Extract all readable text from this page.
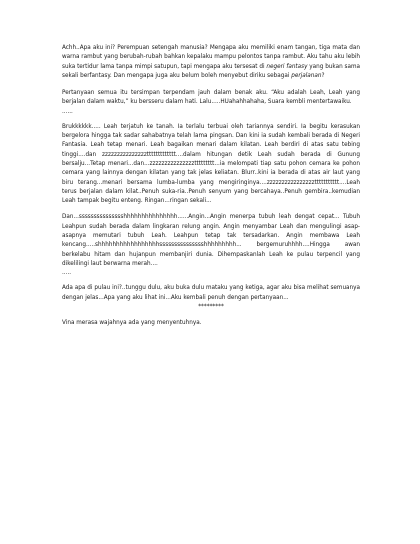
Achh..Apa aku ini? Perempuan setengah manusia? Mengapa aku memiliki enam tangan, tiga mata dan warna rambut yang berubah-rubah bahkan kepalaku mampu pelontos tanpa rambut. Aku tahu aku lebih suka tertidur lama tanpa mimpi satupun, tapi mengapa aku tersesat di negeri fantasy yang bukan sama sekali berfantasy. Dan mengapa juga aku belum boleh menyebut diriku sebagai perjalanan?

Pertanyaan semua itu tersimpan terpendam jauh dalam benak aku. “Aku adalah Leah, Leah yang berjalan dalam waktu,” ku bersseru dalam hati. Lalu.....HUahahhahaha, Suara kembli mentertawaiku.

......

Brukkkkkk..... Leah terjatuh ke tanah. Ia terlalu terbuai oleh tariannya sendiri. Ia begitu kerasukan bergelora hingga tak sadar sahabatnya telah lama pingsan. Dan kini ia sudah kembali berada di Negeri Fantasia. Leah tetap menari. Leah bagaikan menari dalam kilatan. Leah berdiri di atas satu tebing tinggi....dan zzzzzzzzzzzzzzzttttttttttttt....dalam hitungan detik Leah sudah berada di Gunung bersalju...Tetap menari...dan...zzzzzzzzzzzzzzzttttttttt...ia melompati tiap satu pohon cemara ke pohon cemara yang lainnya dengan kilatan yang tak jelas keliatan. Blurr..kini ia berada di atas air laut yang biru terang...menari bersama lumba-lumba yang mengiringinya....zzzzzzzzzzzzzzzzttttttttttt....Leah terus berjalan dalam kilat..Penuh suka-ria..Penuh senyum yang bercahaya..Penuh gembira..kemudian Leah tampak begitu enteng. Ringan...ringan sekali...

Dan...ssssssssssssssshhhhhhhhhhhhhhh......Angin...Angin menerpa tubuh leah dengat cepat... Tubuh Leahpun sudah berada dalam lingkaran relung angin. Angin menyambar Leah dan mengulingi asap-asapnya memutari tubuh Leah. Leahpun tetap tak tersadarkan. Angin membawa Leah kencang.....shhhhhhhhhhhhhhhhhssssssssssssssshhhhhhhhh... bergemuruhhhh....Hingga awan berkelabu hitam dan hujanpun membanjiri dunia. Dihempaskanlah Leah ke pulau terpencil yang dikelilingi laut berwarna merah....

.....

Ada apa di pulau ini?..tunggu dulu, aku buka dulu mataku yang ketiga, agar aku bisa melihat semuanya dengan jelas...Apa yang aku lihat ini...Aku kembali penuh dengan pertanyaan...

*********

Vina merasa wajahnya ada yang menyentuhnya.
